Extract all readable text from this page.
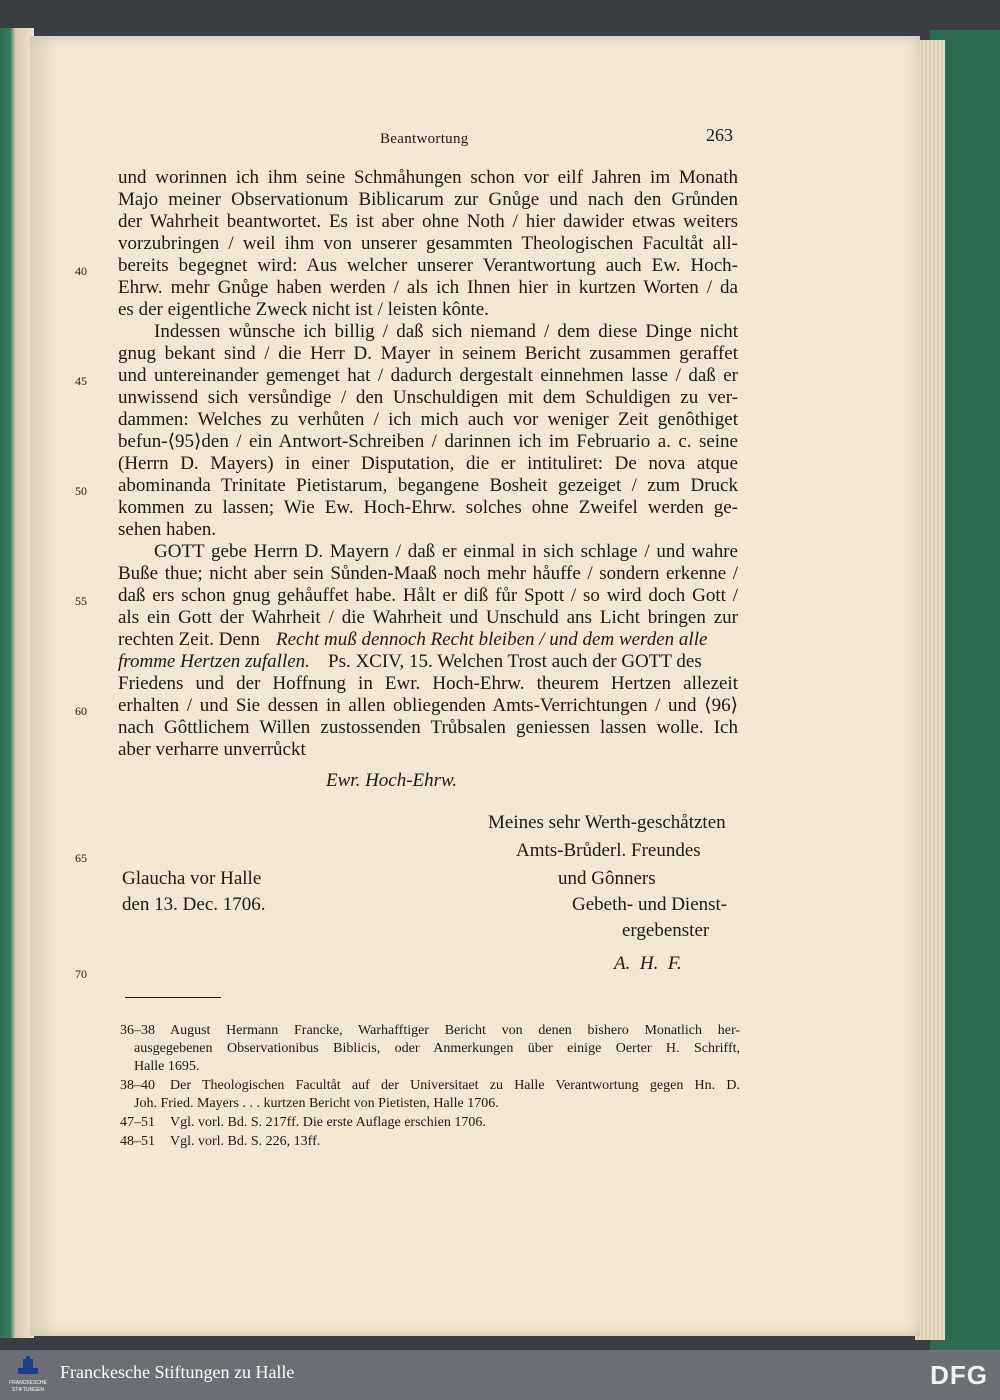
Beantwortung	263
und worinnen ich ihm seine Schmåhungen schon vor eilf Jahren im Monath
Majo meiner Observationum Biblicarum zur Gnůge und nach den Grůnden
der Wahrheit beantwortet. Es ist aber ohne Noth / hier dawider etwas weiters
vorzubringen / weil ihm von unserer gesammten Theologischen Facultåt all-
bereits begegnet wird: Aus welcher unserer Verantwortung auch Ew. Hoch-
Ehrw. mehr Gnůge haben werden / als ich Ihnen hier in kurtzen Worten / da
es der eigentliche Zweck nicht ist / leisten kônte.
Indessen wůnsche ich billig / daß sich niemand / dem diese Dinge nicht
gnug bekant sind / die Herr D. Mayer in seinem Bericht zusammen geraffet
und untereinander gemenget hat / dadurch dergestalt einnehmen lasse / daß er
unwissend sich versůndige / den Unschuldigen mit dem Schuldigen zu ver-
dammen: Welches zu verhůten / ich mich auch vor weniger Zeit genôthiget
befun-⟨95⟩den / ein Antwort-Schreiben / darinnen ich im Februario a. c. seine
(Herrn D. Mayers) in einer Disputation, die er intituliret: De nova atque
abominanda Trinitate Pietistarum, begangene Bosheit gezeiget / zum Druck
kommen zu lassen; Wie Ew. Hoch-Ehrw. solches ohne Zweifel werden ge-
sehen haben.
GOTT gebe Herrn D. Mayern / daß er einmal in sich schlage / und wahre
Buße thue; nicht aber sein Sůnden-Maaß noch mehr håuffe / sondern erkenne /
daß ers schon gnug gehåuffet habe. Hålt er diß fůr Spott / so wird doch Gott /
als ein Gott der Wahrheit / die Wahrheit und Unschuld ans Licht bringen zur
rechten Zeit. Denn Recht muß dennoch Recht bleiben / und dem werden alle
fromme Hertzen zufallen. Ps. XCIV, 15. Welchen Trost auch der GOTT des
Friedens und der Hoffnung in Ewr. Hoch-Ehrw. theurem Hertzen allezeit
erhalten / und Sie dessen in allen obliegenden Amts-Verrichtungen / und ⟨96⟩
nach Gôttlichem Willen zustossenden Trůbsalen geniessen lassen wolle. Ich
aber verharre unverrůckt
40
45
50
55
60
65
70
Ewr. Hoch-Ehrw.
Meines sehr Werth-geschåtzten
Amts-Brůderl. Freundes
und Gônners
Gebeth- und Dienst-
ergebenster
A.  H.  F.
Glaucha vor Halle
den 13. Dec. 1706.
36–38 August Hermann Francke, Warhafftiger Bericht von denen bishero Monatlich her-
ausgegebenen Observationibus Biblicis, oder Anmerkungen über einige Oerter H. Schrifft,
Halle 1695.
38–40 Der Theologischen Facultåt auf der Universitaet zu Halle Verantwortung gegen Hn. D.
Joh. Fried. Mayers . . . kurtzen Bericht von Pietisten, Halle 1706.
47–51 Vgl. vorl. Bd. S. 217ff. Die erste Auflage erschien 1706.
48–51 Vgl. vorl. Bd. S. 226, 13ff.
FRANCKESCHE
STIFTUNGEN
Franckesche Stiftungen zu Halle	DFG
